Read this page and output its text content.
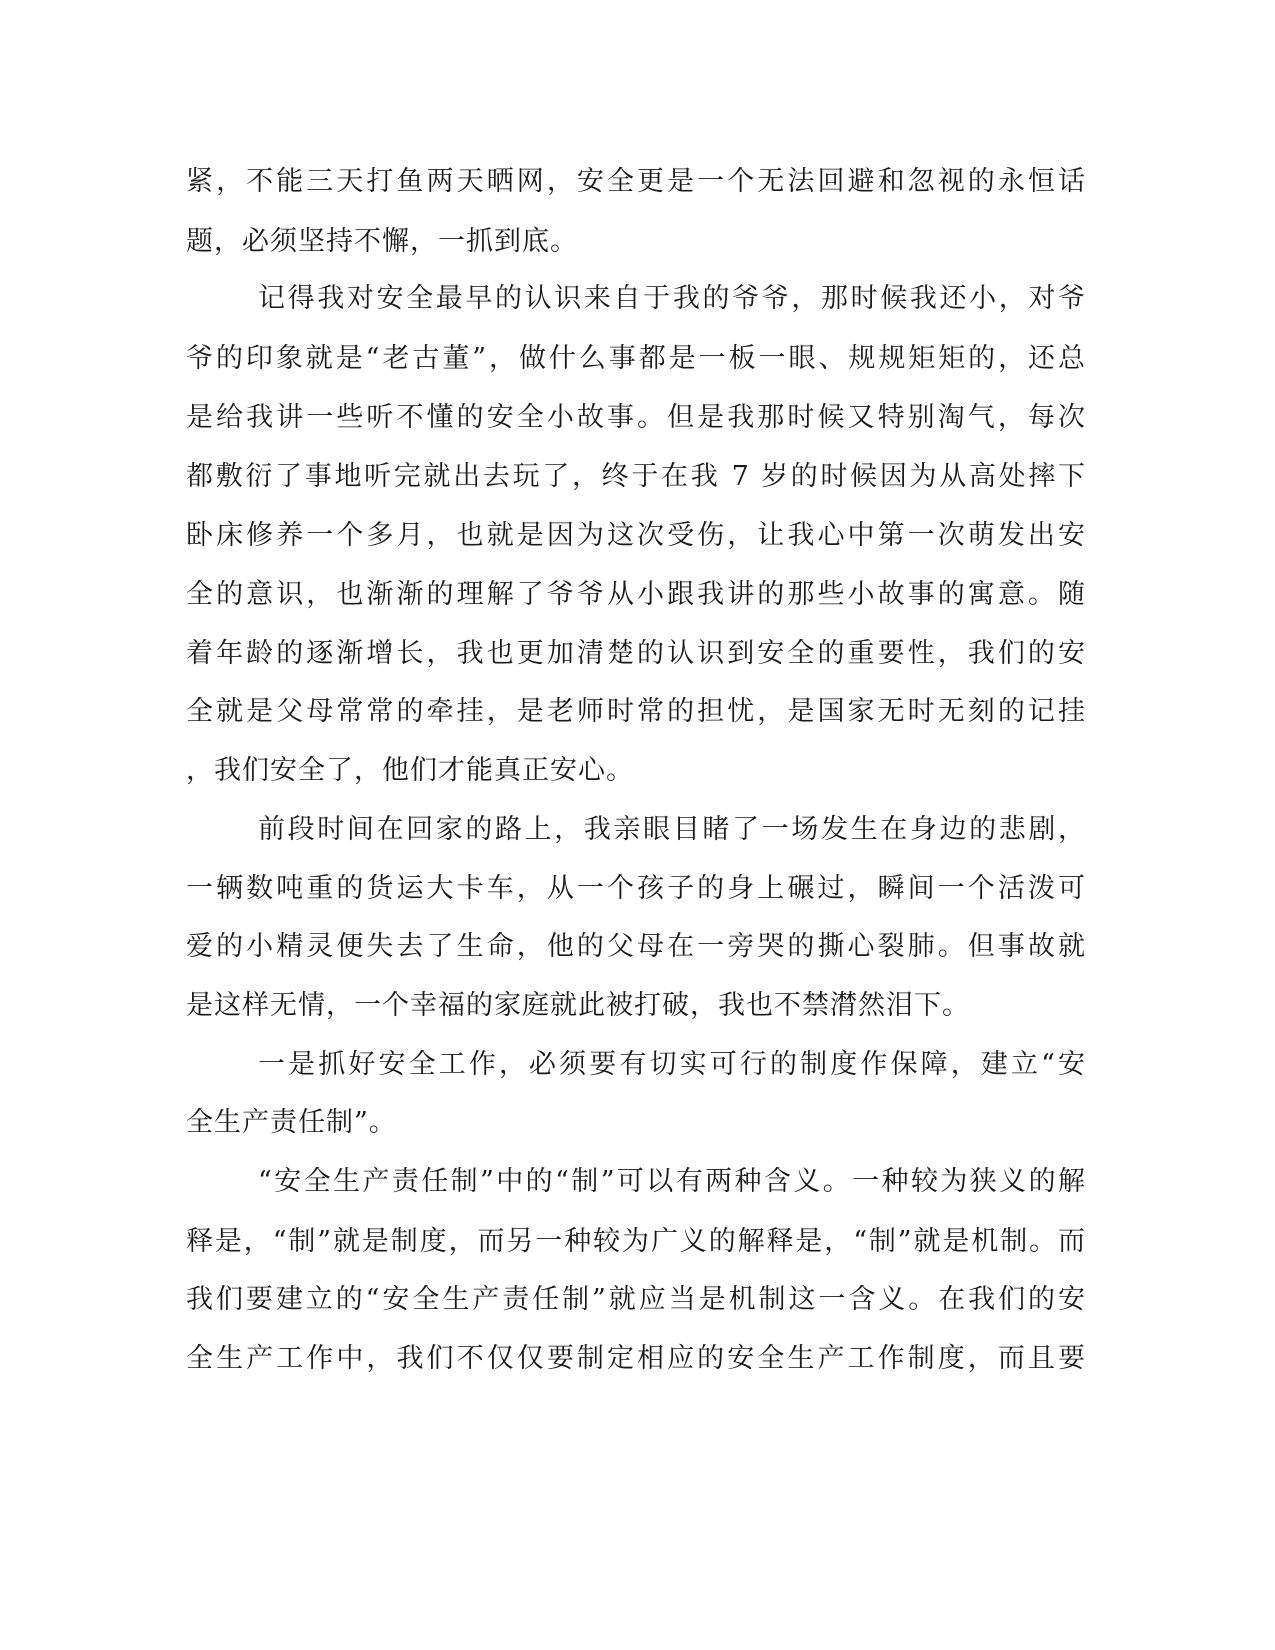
紧，不能三天打鱼两天晒网，安全更是一个无法回避和忽视的永恒话
题，必须坚持不懈，一抓到底。
记得我对安全最早的认识来自于我的爷爷，那时候我还小，对爷
爷的印象就是“老古董”，做什么事都是一板一眼、规规矩矩的，还总
是给我讲一些听不懂的安全小故事。但是我那时候又特别淘气，每次
都敷衍了事地听完就出去玩了，终于在我 7 岁的时候因为从高处摔下
卧床修养一个多月，也就是因为这次受伤，让我心中第一次萌发出安
全的意识，也渐渐的理解了爷爷从小跟我讲的那些小故事的寓意。随
着年龄的逐渐增长，我也更加清楚的认识到安全的重要性，我们的安
全就是父母常常的牵挂，是老师时常的担忧，是国家无时无刻的记挂
，我们安全了，他们才能真正安心。
前段时间在回家的路上，我亲眼目睹了一场发生在身边的悲剧，
一辆数吨重的货运大卡车，从一个孩子的身上碾过，瞬间一个活泼可
爱的小精灵便失去了生命，他的父母在一旁哭的撕心裂肺。但事故就
是这样无情，一个幸福的家庭就此被打破，我也不禁潸然泪下。
一是抓好安全工作，必须要有切实可行的制度作保障，建立“安
全生产责任制”。
“安全生产责任制”中的“制”可以有两种含义。一种较为狭义的解
释是，“制”就是制度，而另一种较为广义的解释是，“制”就是机制。而
我们要建立的“安全生产责任制”就应当是机制这一含义。在我们的安
全生产工作中，我们不仅仅要制定相应的安全生产工作制度，而且要
